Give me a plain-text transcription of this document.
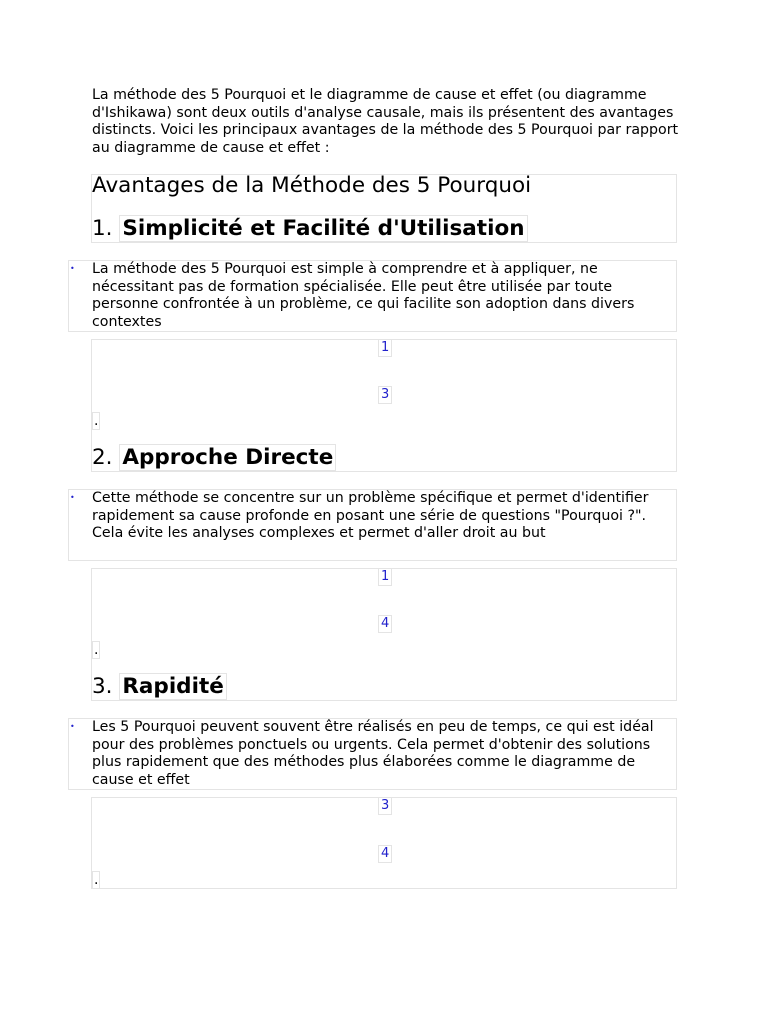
La méthode des 5 Pourquoi et le diagramme de cause et effet (ou diagramme d'Ishikawa) sont deux outils d'analyse causale, mais ils présentent des avantages distincts. Voici les principaux avantages de la méthode des 5 Pourquoi par rapport au diagramme de cause et effet :
Avantages de la Méthode des 5 Pourquoi
1. Simplicité et Facilité d'Utilisation
• La méthode des 5 Pourquoi est simple à comprendre et à appliquer, ne nécessitant pas de formation spécialisée. Elle peut être utilisée par toute personne confrontée à un problème, ce qui facilite son adoption dans divers contextes
1
3
.
2. Approche Directe
• Cette méthode se concentre sur un problème spécifique et permet d'identifier rapidement sa cause profonde en posant une série de questions "Pourquoi ?". Cela évite les analyses complexes et permet d'aller droit au but
1
4
.
3. Rapidité
• Les 5 Pourquoi peuvent souvent être réalisés en peu de temps, ce qui est idéal pour des problèmes ponctuels ou urgents. Cela permet d'obtenir des solutions plus rapidement que des méthodes plus élaborées comme le diagramme de cause et effet
3
4
.
